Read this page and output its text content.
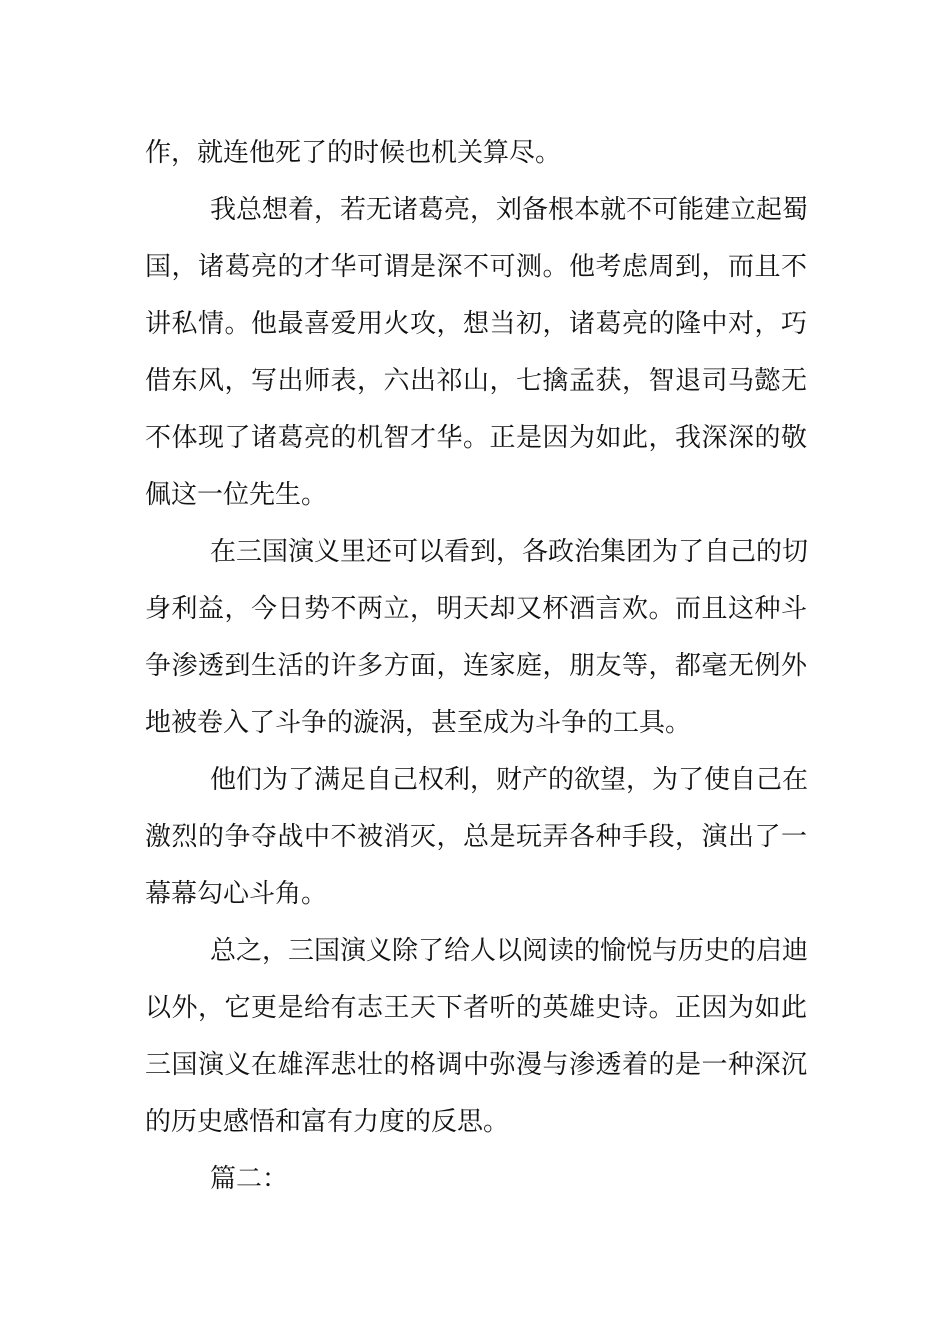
作，就连他死了的时候也机关算尽。
我总想着，若无诸葛亮，刘备根本就不可能建立起蜀
国，诸葛亮的才华可谓是深不可测。他考虑周到，而且不
讲私情。他最喜爱用火攻，想当初，诸葛亮的隆中对，巧
借东风，写出师表，六出祁山，七擒孟获，智退司马懿无
不体现了诸葛亮的机智才华。正是因为如此，我深深的敬
佩这一位先生。
在三国演义里还可以看到，各政治集团为了自己的切
身利益，今日势不两立，明天却又杯酒言欢。而且这种斗
争渗透到生活的许多方面，连家庭，朋友等，都毫无例外
地被卷入了斗争的漩涡，甚至成为斗争的工具。
他们为了满足自己权利，财产的欲望，为了使自己在
激烈的争夺战中不被消灭，总是玩弄各种手段，演出了一
幕幕勾心斗角。
总之，三国演义除了给人以阅读的愉悦与历史的启迪
以外，它更是给有志王天下者听的英雄史诗。正因为如此
三国演义在雄浑悲壮的格调中弥漫与渗透着的是一种深沉
的历史感悟和富有力度的反思。
篇二：
